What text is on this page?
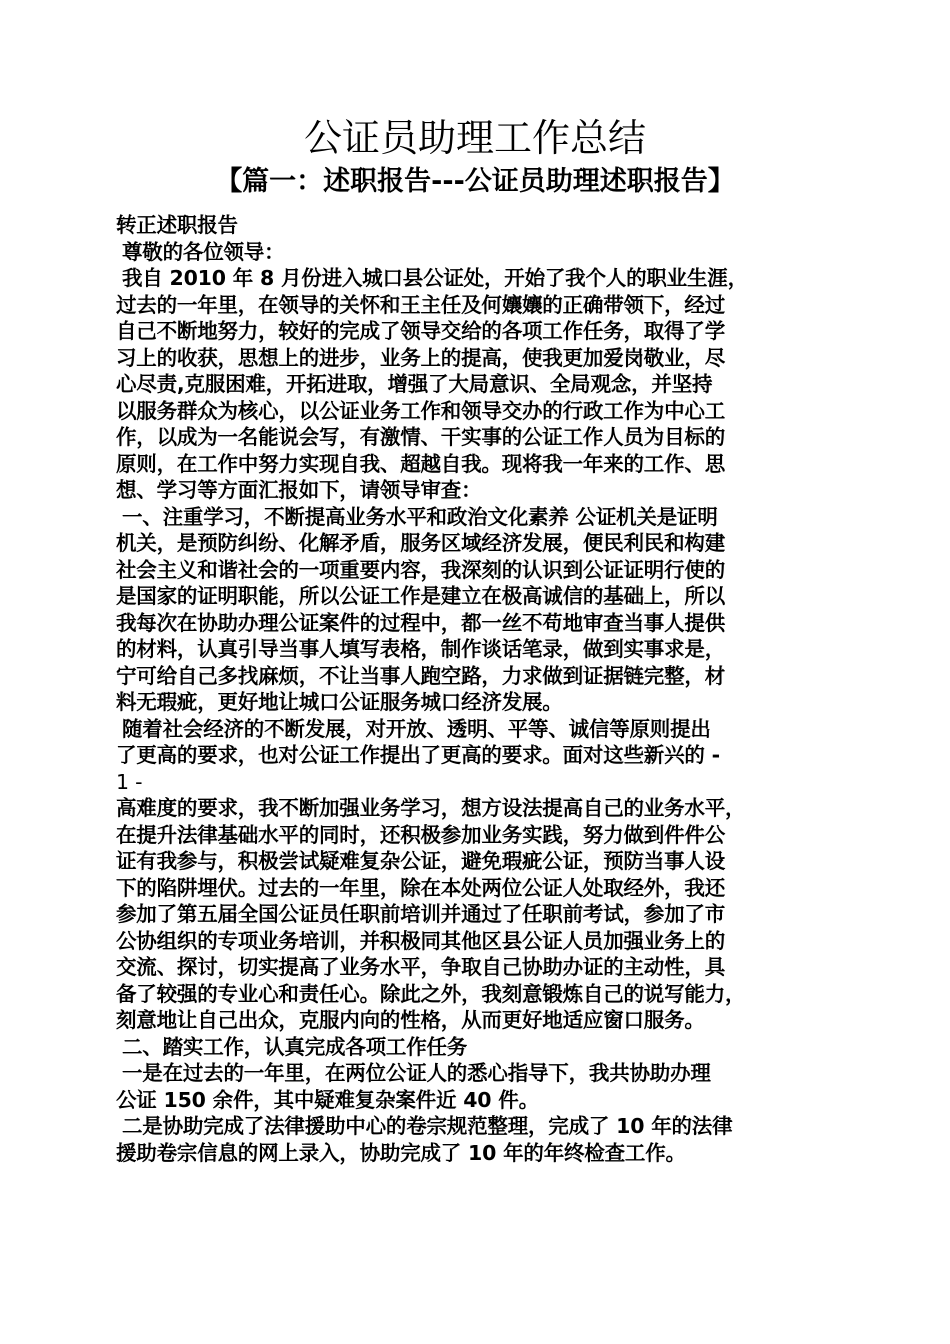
公证员助理工作总结
【篇一：述职报告---公证员助理述职报告】
转正述职报告
尊敬的各位领导：
我自 2010 年 8 月份进入城口县公证处，开始了我个人的职业生涯，
过去的一年里，在领导的关怀和王主任及何孃孃的正确带领下，经过
自己不断地努力，较好的完成了领导交给的各项工作任务，取得了学
习上的收获，思想上的进步，业务上的提高，使我更加爱岗敬业，尽
心尽责,克服困难，开拓进取，增强了大局意识、全局观念，并坚持
以服务群众为核心，以公证业务工作和领导交办的行政工作为中心工
作，以成为一名能说会写，有激情、干实事的公证工作人员为目标的
原则，在工作中努力实现自我、超越自我。现将我一年来的工作、思
想、学习等方面汇报如下，请领导审查：
一、注重学习，不断提高业务水平和政治文化素养 公证机关是证明
机关，是预防纠纷、化解矛盾，服务区域经济发展，便民利民和构建
社会主义和谐社会的一项重要内容，我深刻的认识到公证证明行使的
是国家的证明职能，所以公证工作是建立在极高诚信的基础上，所以
我每次在协助办理公证案件的过程中，都一丝不苟地审查当事人提供
的材料，认真引导当事人填写表格，制作谈话笔录，做到实事求是，
宁可给自己多找麻烦，不让当事人跑空路，力求做到证据链完整，材
料无瑕疵，更好地让城口公证服务城口经济发展。
随着社会经济的不断发展，对开放、透明、平等、诚信等原则提出
了更高的要求，也对公证工作提出了更高的要求。面对这些新兴的 -
1 -
高难度的要求，我不断加强业务学习，想方设法提高自己的业务水平，
在提升法律基础水平的同时，还积极参加业务实践，努力做到件件公
证有我参与，积极尝试疑难复杂公证，避免瑕疵公证，预防当事人设
下的陷阱埋伏。过去的一年里，除在本处两位公证人处取经外，我还
参加了第五届全国公证员任职前培训并通过了任职前考试，参加了市
公协组织的专项业务培训，并积极同其他区县公证人员加强业务上的
交流、探讨，切实提高了业务水平，争取自己协助办证的主动性，具
备了较强的专业心和责任心。除此之外，我刻意锻炼自己的说写能力，
刻意地让自己出众，克服内向的性格，从而更好地适应窗口服务。
二、踏实工作，认真完成各项工作任务
一是在过去的一年里，在两位公证人的悉心指导下，我共协助办理
公证 150 余件，其中疑难复杂案件近 40 件。
二是协助完成了法律援助中心的卷宗规范整理，完成了 10 年的法律
援助卷宗信息的网上录入，协助完成了 10 年的年终检查工作。
